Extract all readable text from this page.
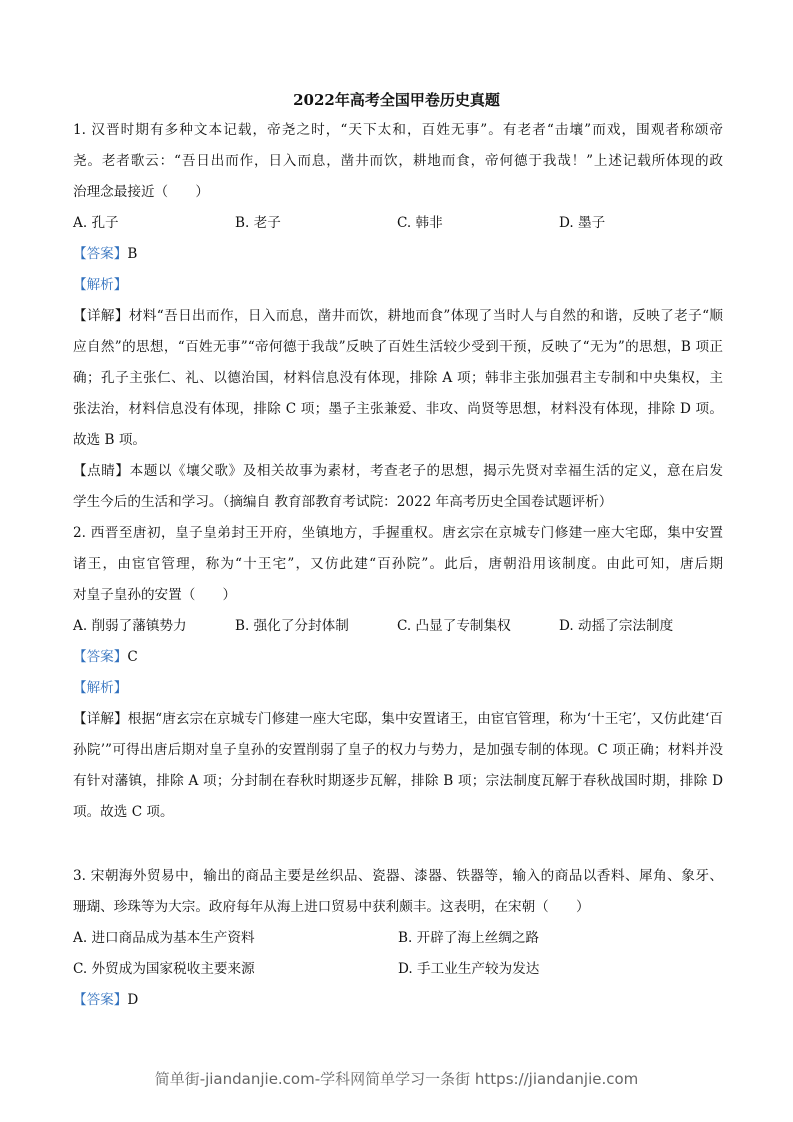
2022年高考全国甲卷历史真题
1. 汉晋时期有多种文本记载，帝尧之时，“天下太和，百姓无事”。有老者“击壤”而戏，围观者称颂帝
尧。老者歌云：“吾日出而作，日入而息，凿井而饮，耕地而食，帝何德于我哉！”上述记载所体现的政
治理念最接近（　　）
A. 孔子	B. 老子	C. 韩非	D. 墨子
【答案】B
【解析】
【详解】材料“吾日出而作，日入而息，凿井而饮，耕地而食”体现了当时人与自然的和谐，反映了老子“顺
应自然”的思想，“百姓无事”“帝何德于我哉”反映了百姓生活较少受到干预，反映了“无为”的思想，B 项正
确；孔子主张仁、礼、以德治国，材料信息没有体现，排除 A 项；韩非主张加强君主专制和中央集权，主
张法治，材料信息没有体现，排除 C 项；墨子主张兼爱、非攻、尚贤等思想，材料没有体现，排除 D 项。
故选 B 项。
【点睛】本题以《壤父歌》及相关故事为素材，考查老子的思想，揭示先贤对幸福生活的定义，意在启发
学生今后的生活和学习。（摘编自 教育部教育考试院：2022 年高考历史全国卷试题评析）
2. 西晋至唐初，皇子皇弟封王开府，坐镇地方，手握重权。唐玄宗在京城专门修建一座大宅邸，集中安置
诸王，由宦官管理，称为“十王宅”，又仿此建“百孙院”。此后，唐朝沿用该制度。由此可知，唐后期
对皇子皇孙的安置（　　）
A. 削弱了藩镇势力	B. 强化了分封体制	C. 凸显了专制集权	D. 动摇了宗法制度
【答案】C
【解析】
【详解】根据“唐玄宗在京城专门修建一座大宅邸，集中安置诸王，由宦官管理，称为‘十王宅’，又仿此建‘百
孙院’”可得出唐后期对皇子皇孙的安置削弱了皇子的权力与势力，是加强专制的体现。C 项正确；材料并没
有针对藩镇，排除 A 项；分封制在春秋时期逐步瓦解，排除 B 项；宗法制度瓦解于春秋战国时期，排除 D
项。故选 C 项。
3. 宋朝海外贸易中，输出的商品主要是丝织品、瓷器、漆器、铁器等，输入的商品以香料、犀角、象牙、
珊瑚、珍珠等为大宗。政府每年从海上进口贸易中获利颇丰。这表明，在宋朝（　　）
A. 进口商品成为基本生产资料	B. 开辟了海上丝绸之路
C. 外贸成为国家税收主要来源	D. 手工业生产较为发达
【答案】D
简单街-jiandanjie.com-学科网简单学习一条街 https://jiandanjie.com
